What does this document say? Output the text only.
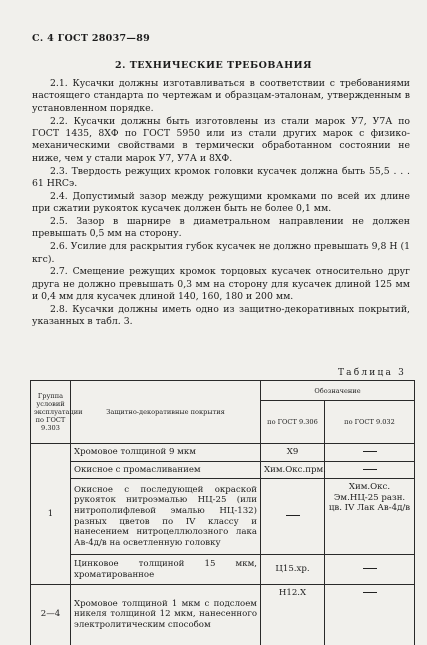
С. 4 ГОСТ 28037—89
2. ТЕХНИЧЕСКИЕ ТРЕБОВАНИЯ

2.1. Кусачки должны изготавливаться в соответствии с требованиями настоящего стандарта по чертежам и образцам-эталонам, утвержденным в установленном порядке.

2.2. Кусачки должны быть изготовлены из стали марок У7, У7А по ГОСТ 1435, 8ХФ по ГОСТ 5950 или из стали других марок с физико-механическими свойствами в термически обработанном состоянии не ниже, чем у стали марок У7, У7А и 8ХФ.

2.3. Твердость режущих кромок головки кусачек должна быть 55,5 . . . 61 HRCэ.

2.4. Допустимый зазор между режущими кромками по всей их длине при сжатии рукояток кусачек должен быть не более 0,1 мм.

2.5. Зазор в шарнире в диаметральном направлении не должен превышать 0,5 мм на сторону.

2.6. Усилие для раскрытия губок кусачек не должно превышать 9,8 Н (1 кгс).

2.7. Смещение режущих кромок торцовых кусачек относительно друг друга не должно превышать 0,3 мм на сторону для кусачек длиной 125 мм и 0,4 мм для кусачек длиной 140, 160, 180 и 200 мм.

2.8. Кусачки должны иметь одно из защитно-декоративных покрытий, указанных в табл. 3.

Таблица 3
Группа условий эксплуатации по ГОСТ 9.303	Защитно-декоративные покрытия	Обозначение	
		по ГОСТ 9.306	по ГОСТ 9.032
1	Хромовое толщиной 9 мкм	Х9	
	Окисное с промасливанием	Хим.Окс.прм.	
	Окисное с последующей окраской рукояток нитроэмалью НЦ-25 (или нитрополифлевой эмалью НЦ-132) разных цветов по IV классу и нанесением нитроцеллюлозного лака Ав-4д/в на осветленную головку		Хим.Окс. Эм.НЦ-25 разн. цв. IV Лак Ав-4д/в
	Цинковое толщиной 15 мкм, хроматированное	Ц15.хр.	
2—4	Хромовое толщиной 1 мкм с подслоем никеля толщиной 12 мкм, нанесенного электролитическим способом	Н12.Х	
